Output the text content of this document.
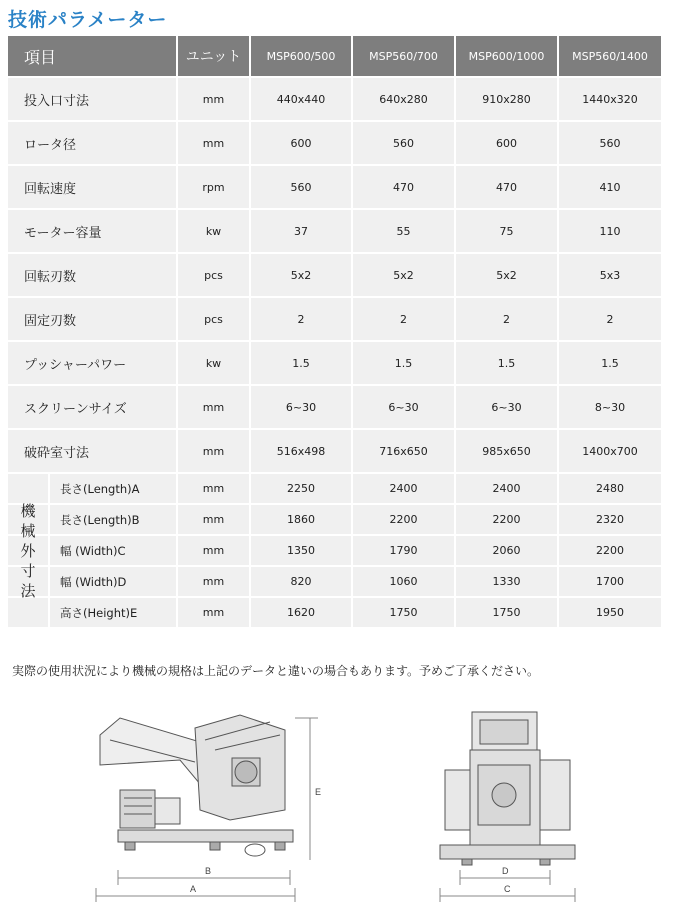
技術パラメーター
項目	ユニット	MSP600/500	MSP560/700	MSP600/1000	MSP560/1400
投入口寸法	mm	440x440	640x280	910x280	1440x320
ロータ径	mm	600	560	600	560
回転速度	rpm	560	470	470	410
モーター容量	kw	37	55	75	110
回転刃数	pcs	5x2	5x2	5x2	5x3
固定刃数	pcs	2	2	2	2
プッシャーパワー	kw	1.5	1.5	1.5	1.5
スクリーンサイズ	mm	6~30	6~30	6~30	8~30
破砕室寸法	mm	516x498	716x650	985x650	1400x700

長さ(Length)A	mm	2250	2400	2400	2480

長さ(Length)B	mm	1860	2200	2200	2320

幅 (Width)C	mm	1350	1790	2060	2200

幅 (Width)D	mm	820	1060	1330	1700

高さ(Height)E	mm	1620	1750	1750	1950
実際の使用状況により機械の規格は上記のデータと違いの場合もあります。予めご了承ください。
B
A
E
D
C
機
械
外
寸
法
